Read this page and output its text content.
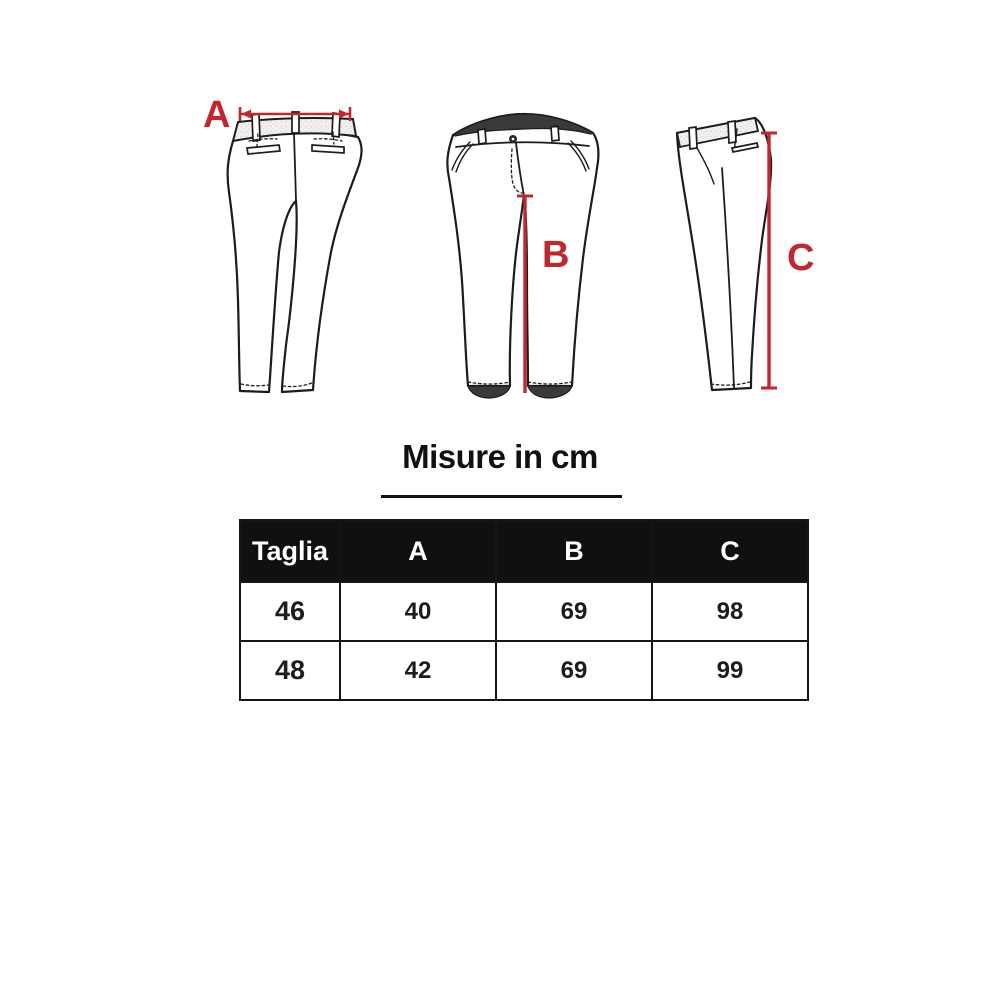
A
B	C
Misure in cm
Taglia	A	B	C
46	40	69	98
48	42	69	99
